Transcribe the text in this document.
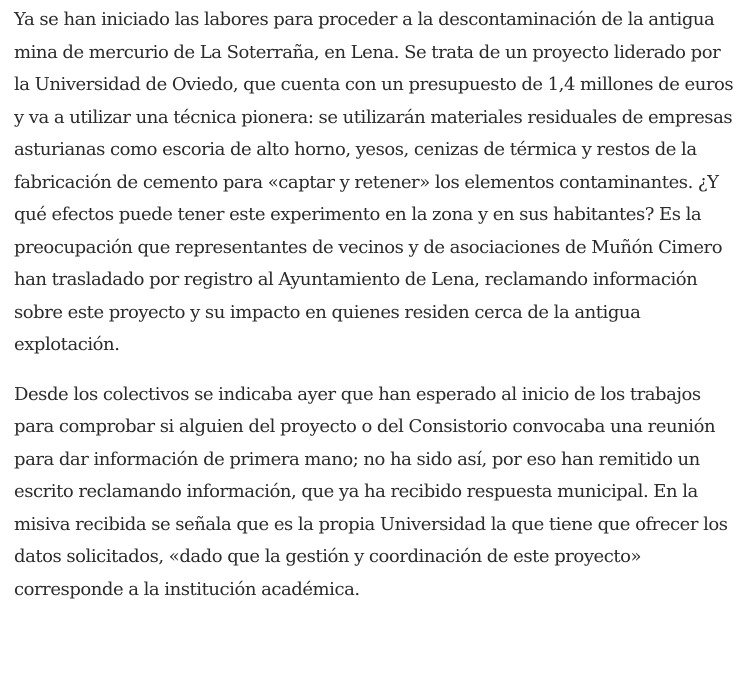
Ya se han iniciado las labores para proceder a la descontaminación de la antigua mina de mercurio de La Soterraña, en Lena. Se trata de un proyecto liderado por la Universidad de Oviedo, que cuenta con un presupuesto de 1,4 millones de euros y va a utilizar una técnica pionera: se utilizarán materiales residuales de empresas asturianas como escoria de alto horno, yesos, cenizas de térmica y restos de la fabricación de cemento para «captar y retener» los elementos contaminantes. ¿Y qué efectos puede tener este experimento en la zona y en sus habitantes? Es la preocupación que representantes de vecinos y de asociaciones de Muñón Cimero han trasladado por registro al Ayuntamiento de Lena, reclamando información sobre este proyecto y su impacto en quienes residen cerca de la antigua explotación.

Desde los colectivos se indicaba ayer que han esperado al inicio de los trabajos para comprobar si alguien del proyecto o del Consistorio convocaba una reunión para dar información de primera mano; no ha sido así, por eso han remitido un escrito reclamando información, que ya ha recibido respuesta municipal. En la misiva recibida se señala que es la propia Universidad la que tiene que ofrecer los datos solicitados, «dado que la gestión y coordinación de este proyecto» corresponde a la institución académica.
